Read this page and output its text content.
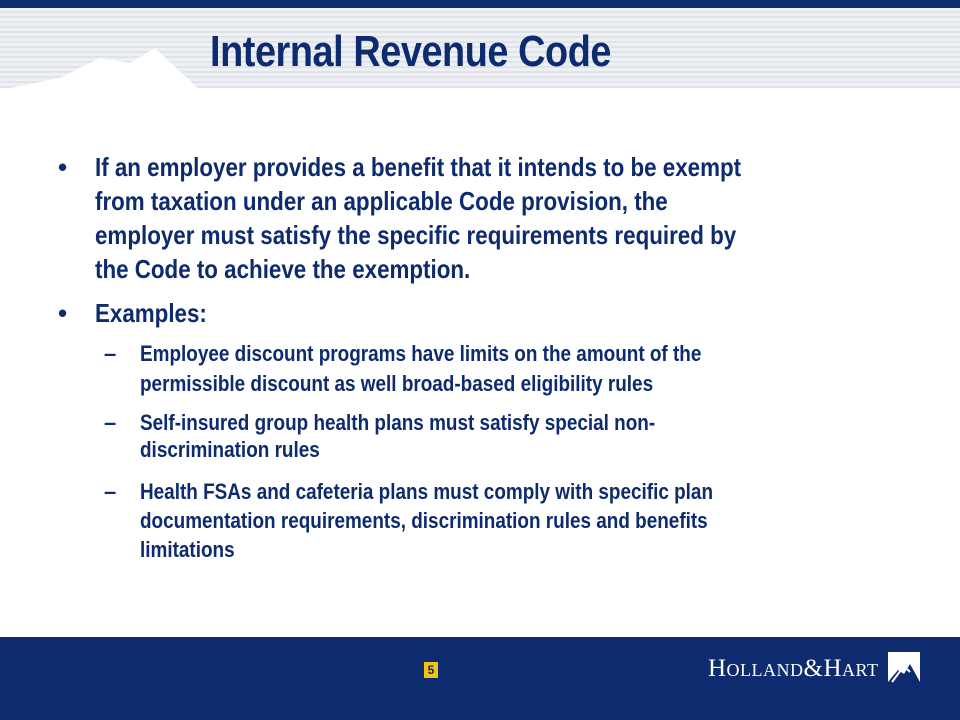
Internal Revenue Code
• If an employer provides a benefit that it intends to be exempt

from taxation under an applicable Code provision, the

employer must satisfy the specific requirements required by

the Code to achieve the exemption.

• Examples:

– Employee discount programs have limits on the amount of the

permissible discount as well broad-based eligibility rules

– Self-insured group health plans must satisfy special non-

discrimination rules

– Health FSAs and cafeteria plans must comply with specific plan

documentation requirements, discrimination rules and benefits

limitations

5	Holland&Hart
